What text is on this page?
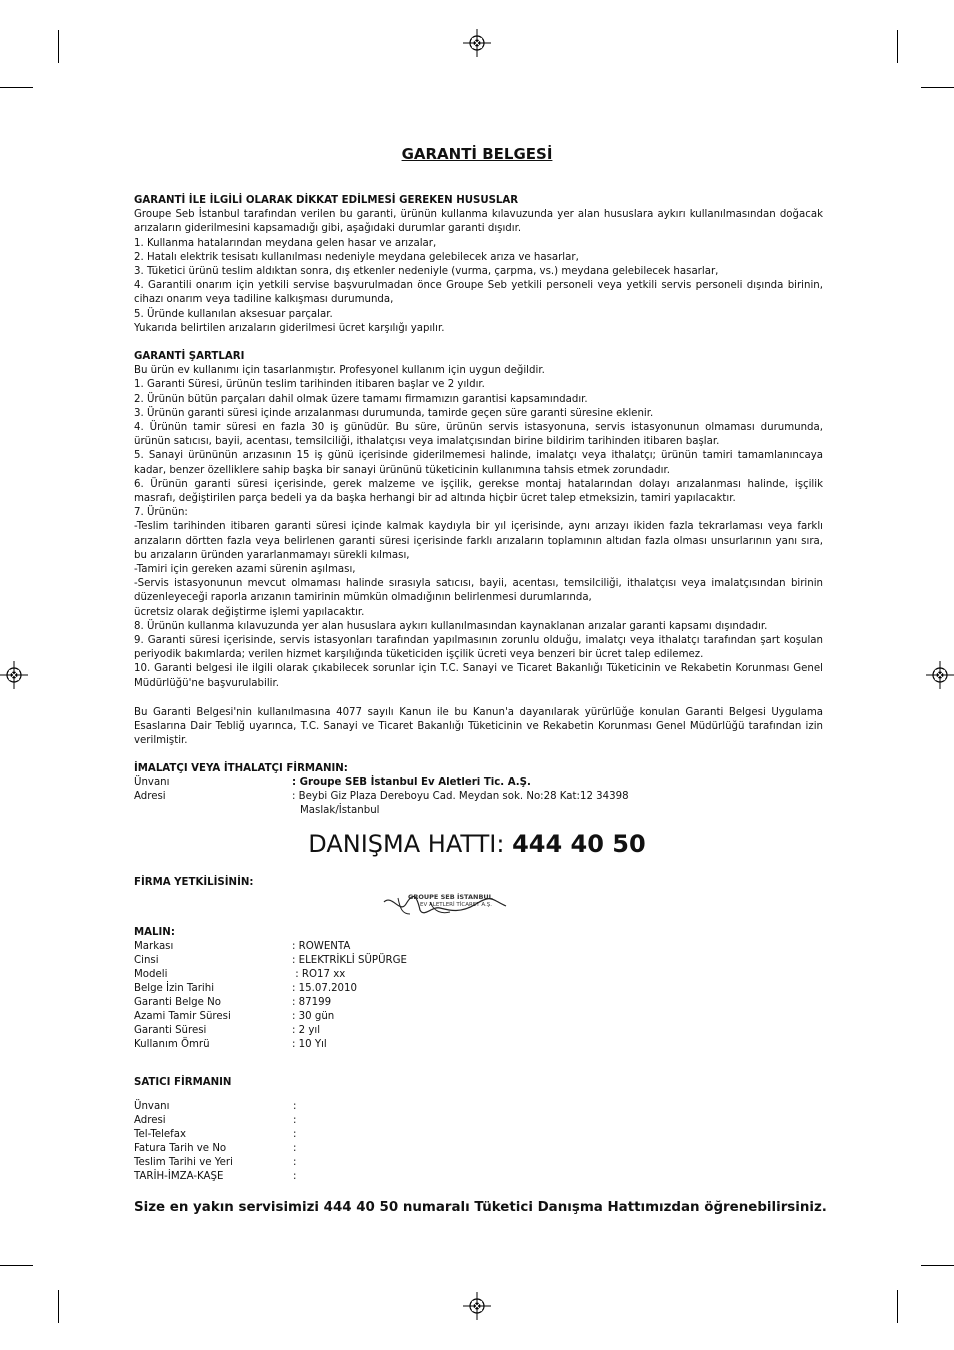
GARANTİ BELGESİ
GARANTİ İLE İLGİLİ OLARAK DİKKAT EDİLMESİ GEREKEN HUSUSLAR
Groupe Seb İstanbul tarafından verilen bu garanti, ürünün kullanma kılavuzunda yer alan hususlara aykırı kullanılmasından doğacak
arızaların giderilmesini kapsamadığı gibi, aşağıdaki durumlar garanti dışıdır.
1. Kullanma hatalarından meydana gelen hasar ve arızalar,
2. Hatalı elektrik tesisatı kullanılması nedeniyle meydana gelebilecek arıza ve hasarlar,
3. Tüketici ürünü teslim aldıktan sonra, dış etkenler nedeniyle (vurma, çarpma, vs.) meydana gelebilecek hasarlar,
4. Garantili onarım için yetkili servise başvurulmadan önce Groupe Seb yetkili personeli veya yetkili servis personeli dışında birinin,
cihazı onarım veya tadiline kalkışması durumunda,
5. Üründe kullanılan aksesuar parçalar.
Yukarıda belirtilen arızaların giderilmesi ücret karşılığı yapılır.
GARANTİ ŞARTLARI
Bu ürün ev kullanımı için tasarlanmıştır. Profesyonel kullanım için uygun değildir.
1. Garanti Süresi, ürünün teslim tarihinden itibaren başlar ve 2 yıldır.
2. Ürünün bütün parçaları dahil olmak üzere tamamı firmamızın garantisi kapsamındadır.
3. Ürünün garanti süresi içinde arızalanması durumunda, tamirde geçen süre garanti süresine eklenir.
4. Ürünün tamir süresi en fazla 30 iş günüdür. Bu süre, ürünün servis istasyonuna, servis istasyonunun olmaması durumunda,
ürünün satıcısı, bayii, acentası, temsilciliği, ithalatçısı veya imalatçısından birine bildirim tarihinden itibaren başlar.
5. Sanayi ürününün arızasının 15 iş günü içerisinde giderilmemesi halinde, imalatçı veya ithalatçı; ürünün tamiri tamamlanıncaya
kadar, benzer özelliklere sahip başka bir sanayi ürününü tüketicinin kullanımına tahsis etmek zorundadır.
6. Ürünün garanti süresi içerisinde, gerek malzeme ve işçilik, gerekse montaj hatalarından dolayı arızalanması halinde, işçilik
masrafı, değiştirilen parça bedeli ya da başka herhangi bir ad altında hiçbir ücret talep etmeksizin, tamiri yapılacaktır.
7. Ürünün:
-Teslim tarihinden itibaren garanti süresi içinde kalmak kaydıyla bir yıl içerisinde, aynı arızayı ikiden fazla tekrarlaması veya farklı
arızaların dörtten fazla veya belirlenen garanti süresi içerisinde farklı arızaların toplamının altıdan fazla olması unsurlarının yanı sıra,
bu arızaların üründen yararlanmamayı sürekli kılması,
-Tamiri için gereken azami sürenin aşılması,
-Servis istasyonunun mevcut olmaması halinde sırasıyla satıcısı, bayii, acentası, temsilciliği, ithalatçısı veya imalatçısından birinin
düzenleyeceği raporla arızanın tamirinin mümkün olmadığının belirlenmesi durumlarında,
ücretsiz olarak değiştirme işlemi yapılacaktır.
8. Ürünün kullanma kılavuzunda yer alan hususlara aykırı kullanılmasından kaynaklanan arızalar garanti kapsamı dışındadır.
9. Garanti süresi içerisinde, servis istasyonları tarafından yapılmasının zorunlu olduğu, imalatçı veya ithalatçı tarafından şart koşulan
periyodik bakımlarda; verilen hizmet karşılığında tüketiciden işçilik ücreti veya benzeri bir ücret talep edilemez.
10. Garanti belgesi ile ilgili olarak çıkabilecek sorunlar için T.C. Sanayi ve Ticaret Bakanlığı Tüketicinin ve Rekabetin Korunması Genel
Müdürlüğü'ne başvurulabilir.
Bu Garanti Belgesi'nin kullanılmasına 4077 sayılı Kanun ile bu Kanun'a dayanılarak yürürlüğe konulan Garanti Belgesi Uygulama
Esaslarına Dair Tebliğ uyarınca, T.C. Sanayi ve Ticaret Bakanlığı Tüketicinin ve Rekabetin Korunması Genel Müdürlüğü tarafından izin
verilmiştir.
İMALATÇI VEYA İTHALATÇI FİRMANIN:
Ünvanı	: Groupe SEB İstanbul Ev Aletleri Tic. A.Ş.
Adresi	: Beybi Giz Plaza Dereboyu Cad. Meydan sok. No:28 Kat:12 34398
Maslak/İstanbul
DANIŞMA HATTI: 444 40 50
FİRMA YETKİLİSİNİN:
GROUPE SEB İSTANBUL
EV ALETLERİ TİCARET A.Ş.
MALIN:
Markası	: ROWENTA
Cinsi	: ELEKTRİKLİ SÜPÜRGE
Modeli	: RO17 xx
Belge İzin Tarihi	: 15.07.2010
Garanti Belge No	: 87199
Azami Tamir Süresi	: 30 gün
Garanti Süresi	: 2 yıl
Kullanım Ömrü	: 10 Yıl
SATICI FİRMANIN
Ünvanı	:
Adresi	:
Tel-Telefax	:
Fatura Tarih ve No	:
Teslim Tarihi ve Yeri	:
TARİH-İMZA-KAŞE	:
Size en yakın servisimizi 444 40 50 numaralı Tüketici Danışma Hattımızdan öğrenebilirsiniz.
